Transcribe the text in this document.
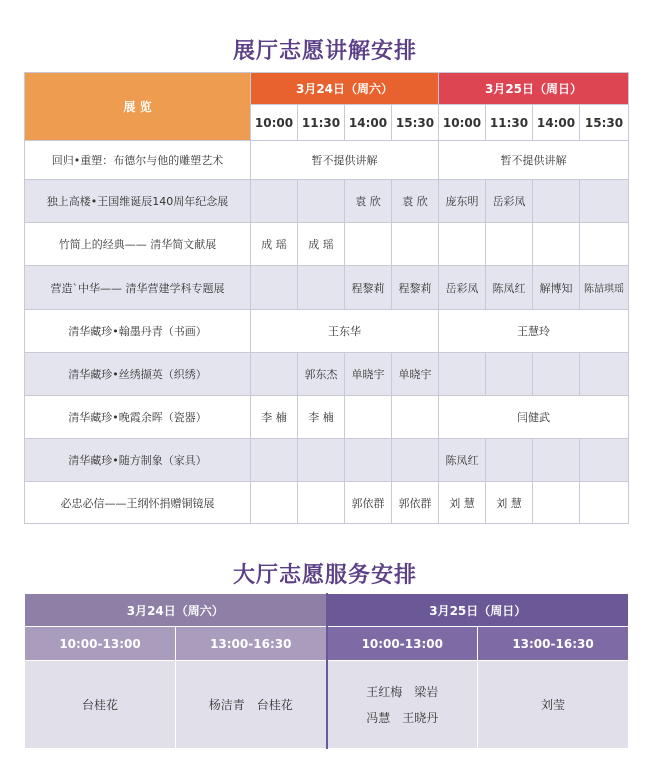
展厅志愿讲解安排
展 览	3月24日（周六）				3月25日（周日）			
	10:00	11:30	14:00	15:30	10:00	11:30	14:00	15:30
回归•重塑：布德尔与他的雕塑艺术	暂不提供讲解				暂不提供讲解			
独上高楼•王国维诞辰140周年纪念展			袁 欣	袁 欣	庞东明	岳彩凤		
竹简上的经典—— 清华简文献展	成 瑶	成 瑶						
营造`中华—— 清华营建学科专题展			程黎莉	程黎莉	岳彩凤	陈凤红	解博知	陈喆琪瑶
清华藏珍•翰墨丹青（书画）	王东华				王慧玲			
清华藏珍•丝绣撷英（织绣）		郭东杰	单晓宇	单晓宇				
清华藏珍•晚霞余晖（瓷器）	李 楠	李 楠			闫健武			
清华藏珍•随方制象（家具）					陈凤红			
必忠必信——王纲怀捐赠铜镜展			郭依群	郭依群	刘 慧	刘 慧		
大厅志愿服务安排
3月24日（周六）		3月25日（周日）	
10:00-13:00	13:00-16:30	10:00-13:00	13:00-16:30
台桂花	杨洁青　台桂花	王红梅　梁岩
冯慧　王晓丹	刘莹
